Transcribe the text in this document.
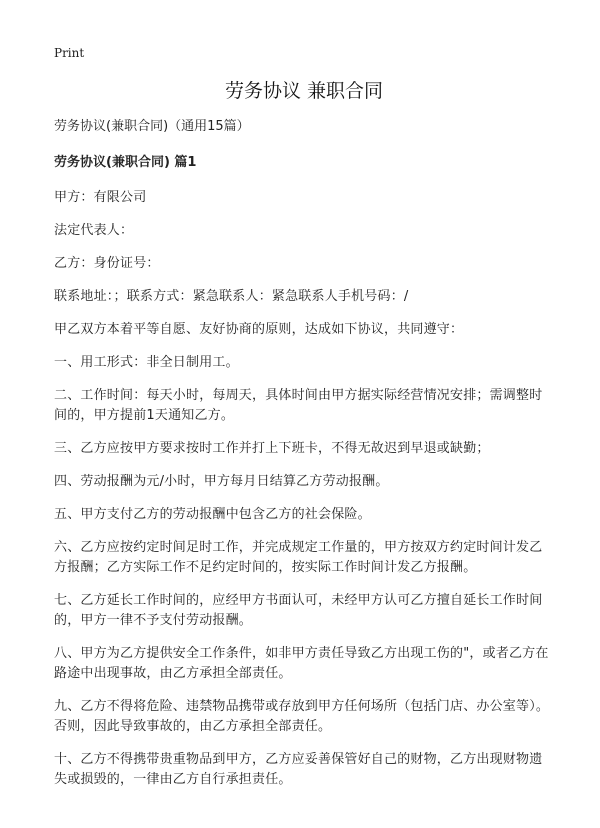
Print
劳务协议 兼职合同
劳务协议(兼职合同)（通用15篇）
劳务协议(兼职合同) 篇1
甲方：有限公司
法定代表人：
乙方：身份证号：
联系地址：；联系方式：紧急联系人：紧急联系人手机号码：/
甲乙双方本着平等自愿、友好协商的原则，达成如下协议，共同遵守：
一、用工形式：非全日制用工。
二、工作时间：每天小时，每周天，具体时间由甲方据实际经营情况安排；需调整时间的，甲方提前1天通知乙方。
三、乙方应按甲方要求按时工作并打上下班卡，不得无故迟到早退或缺勤；
四、劳动报酬为元/小时，甲方每月日结算乙方劳动报酬。
五、甲方支付乙方的劳动报酬中包含乙方的社会保险。
六、乙方应按约定时间足时工作，并完成规定工作量的，甲方按双方约定时间计发乙方报酬；乙方实际工作不足约定时间的，按实际工作时间计发乙方报酬。
七、乙方延长工作时间的，应经甲方书面认可，未经甲方认可乙方擅自延长工作时间的，甲方一律不予支付劳动报酬。
八、甲方为乙方提供安全工作条件，如非甲方责任导致乙方出现工伤的"，或者乙方在路途中出现事故，由乙方承担全部责任。
九、乙方不得将危险、违禁物品携带或存放到甲方任何场所（包括门店、办公室等）。否则，因此导致事故的，由乙方承担全部责任。
十、乙方不得携带贵重物品到甲方，乙方应妥善保管好自己的财物，乙方出现财物遗失或损毁的，一律由乙方自行承担责任。
